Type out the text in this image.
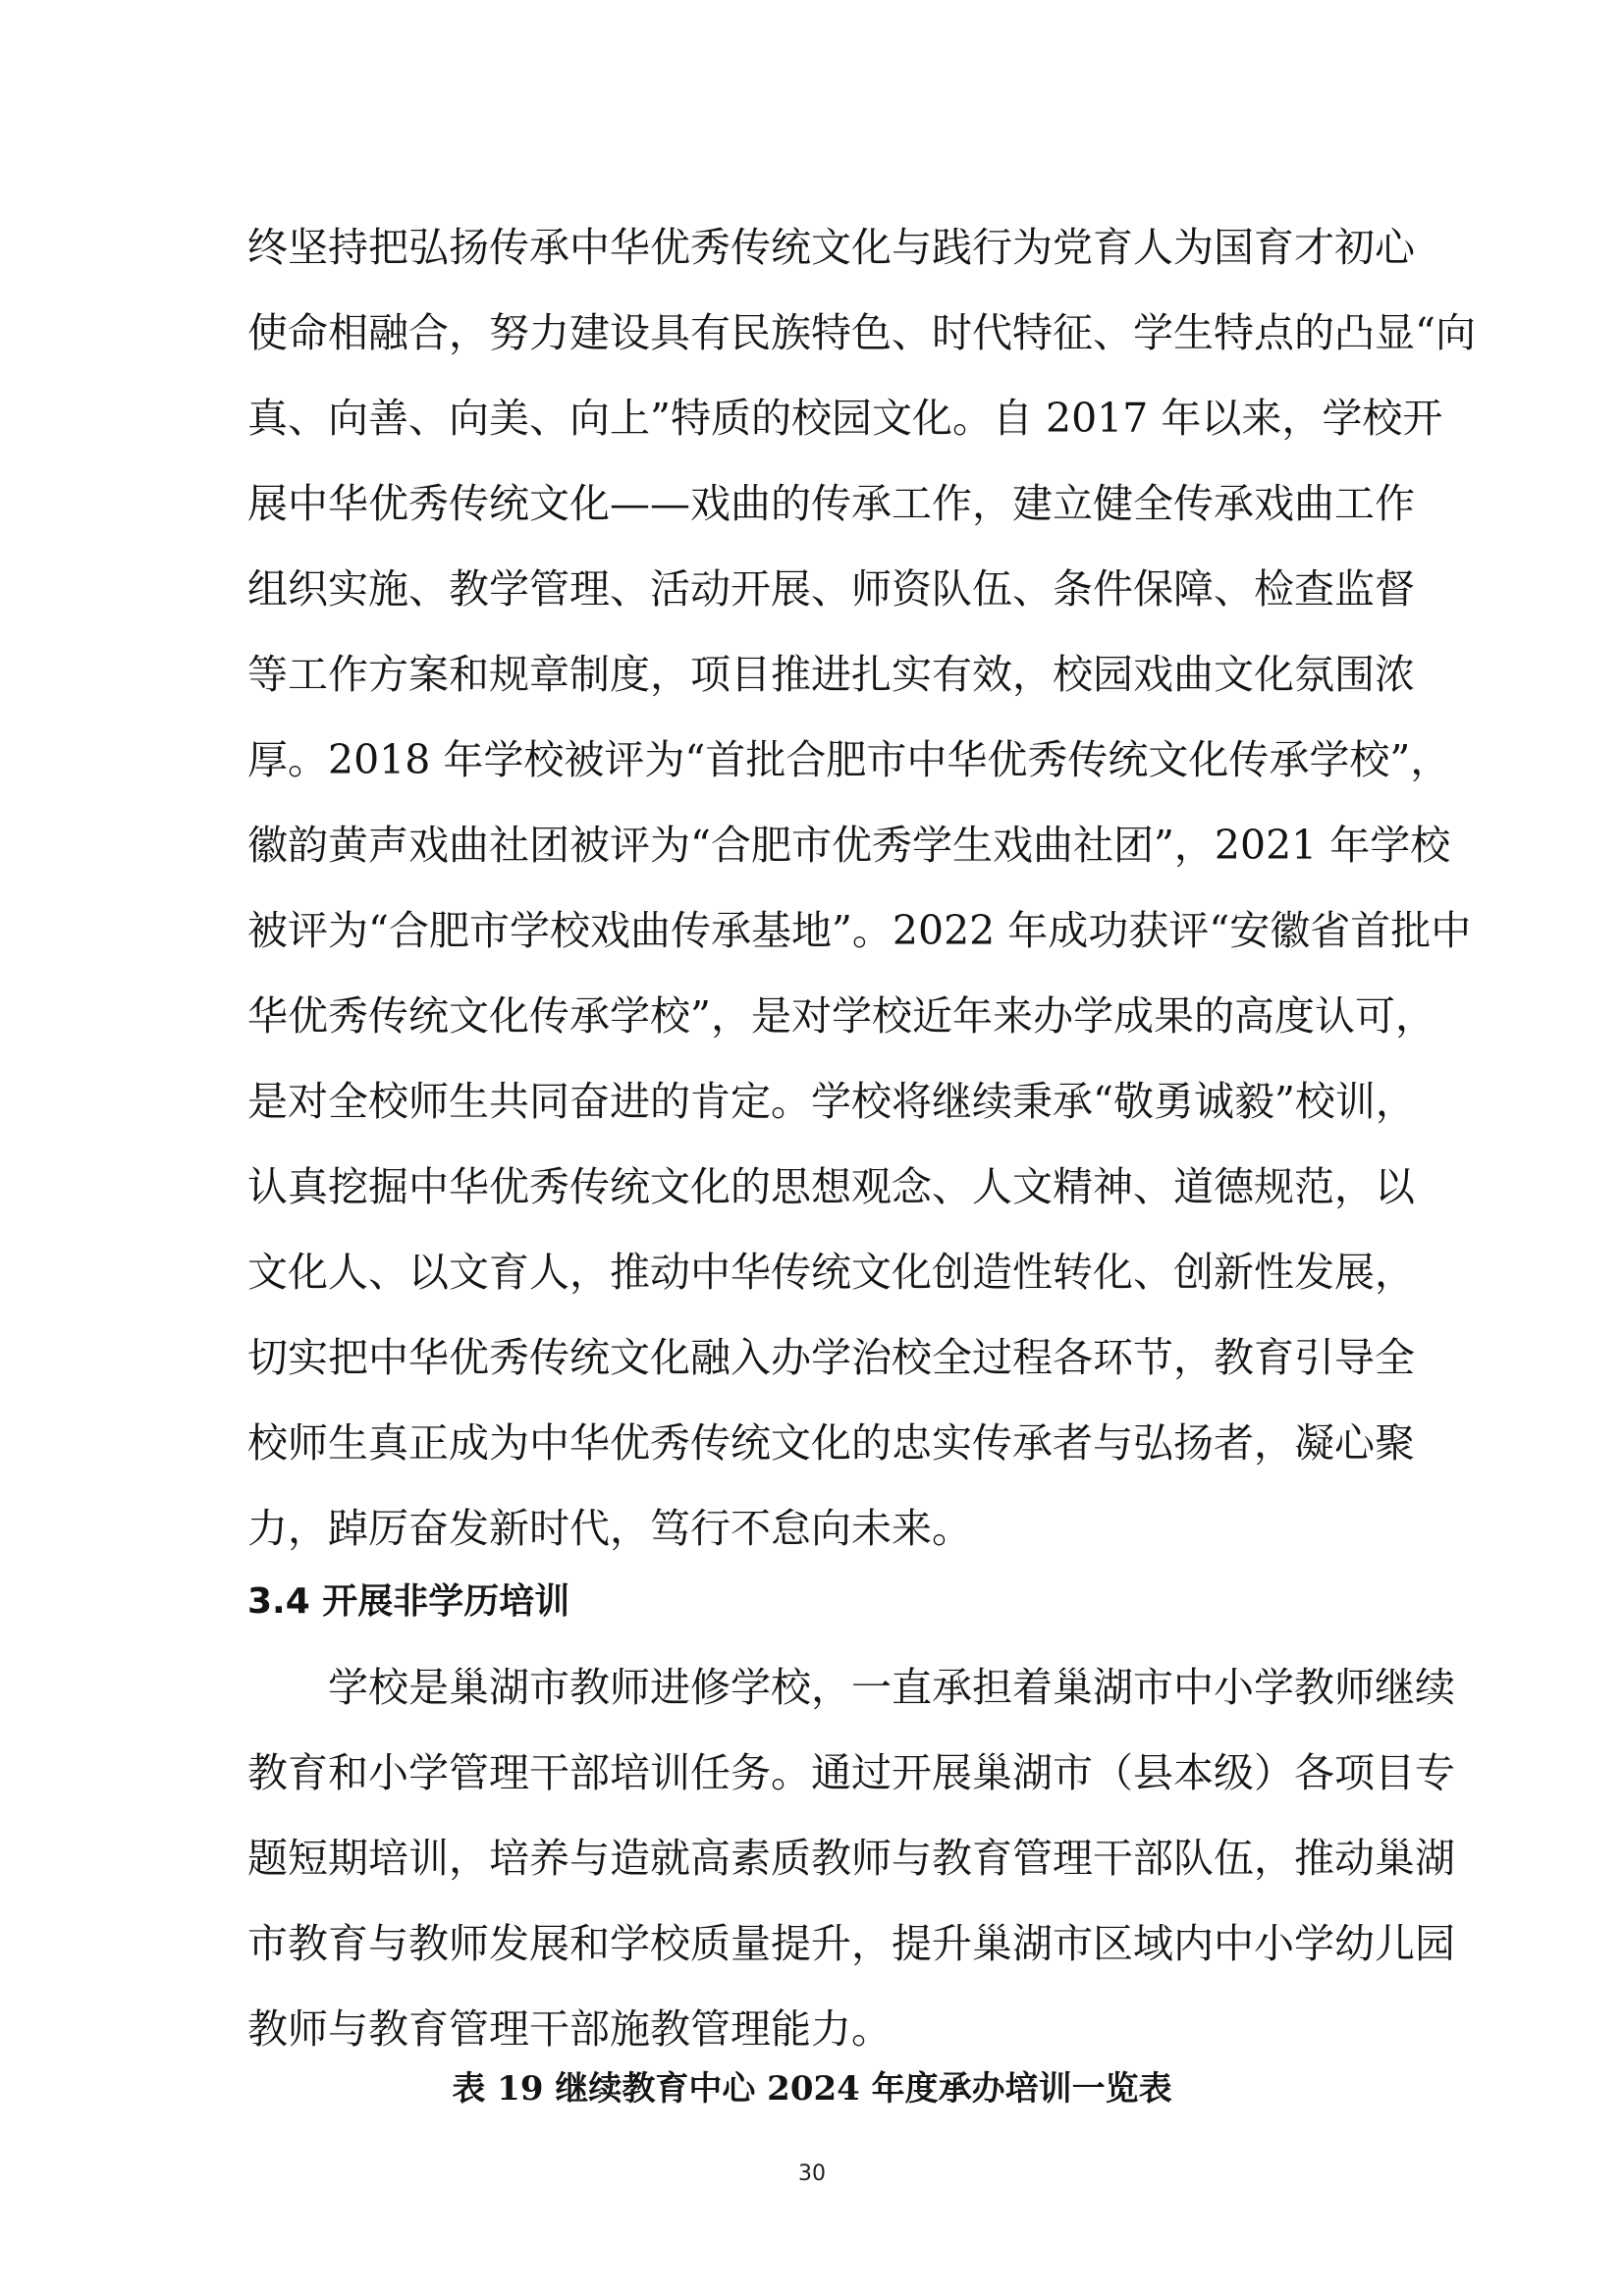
终坚持把弘扬传承中华优秀传统文化与践行为党育人为国育才初心
使命相融合，努力建设具有民族特色、时代特征、学生特点的凸显“向
真、向善、向美、向上”特质的校园文化。自 2017 年以来，学校开
展中华优秀传统文化——戏曲的传承工作，建立健全传承戏曲工作
组织实施、教学管理、活动开展、师资队伍、条件保障、检查监督
等工作方案和规章制度，项目推进扎实有效，校园戏曲文化氛围浓
厚。2018 年学校被评为“首批合肥市中华优秀传统文化传承学校”，
徽韵黄声戏曲社团被评为“合肥市优秀学生戏曲社团”，2021 年学校
被评为“合肥市学校戏曲传承基地”。2022 年成功获评“安徽省首批中
华优秀传统文化传承学校”，是对学校近年来办学成果的高度认可，
是对全校师生共同奋进的肯定。学校将继续秉承“敬勇诚毅”校训，
认真挖掘中华优秀传统文化的思想观念、人文精神、道德规范，以
文化人、以文育人，推动中华传统文化创造性转化、创新性发展，
切实把中华优秀传统文化融入办学治校全过程各环节，教育引导全
校师生真正成为中华优秀传统文化的忠实传承者与弘扬者，凝心聚
力，踔厉奋发新时代，笃行不怠向未来。
3.4 开展非学历培训
学校是巢湖市教师进修学校，一直承担着巢湖市中小学教师继续
教育和小学管理干部培训任务。通过开展巢湖市（县本级）各项目专
题短期培训，培养与造就高素质教师与教育管理干部队伍，推动巢湖
市教育与教师发展和学校质量提升，提升巢湖市区域内中小学幼儿园
教师与教育管理干部施教管理能力。
表 19 继续教育中心 2024 年度承办培训一览表
30
